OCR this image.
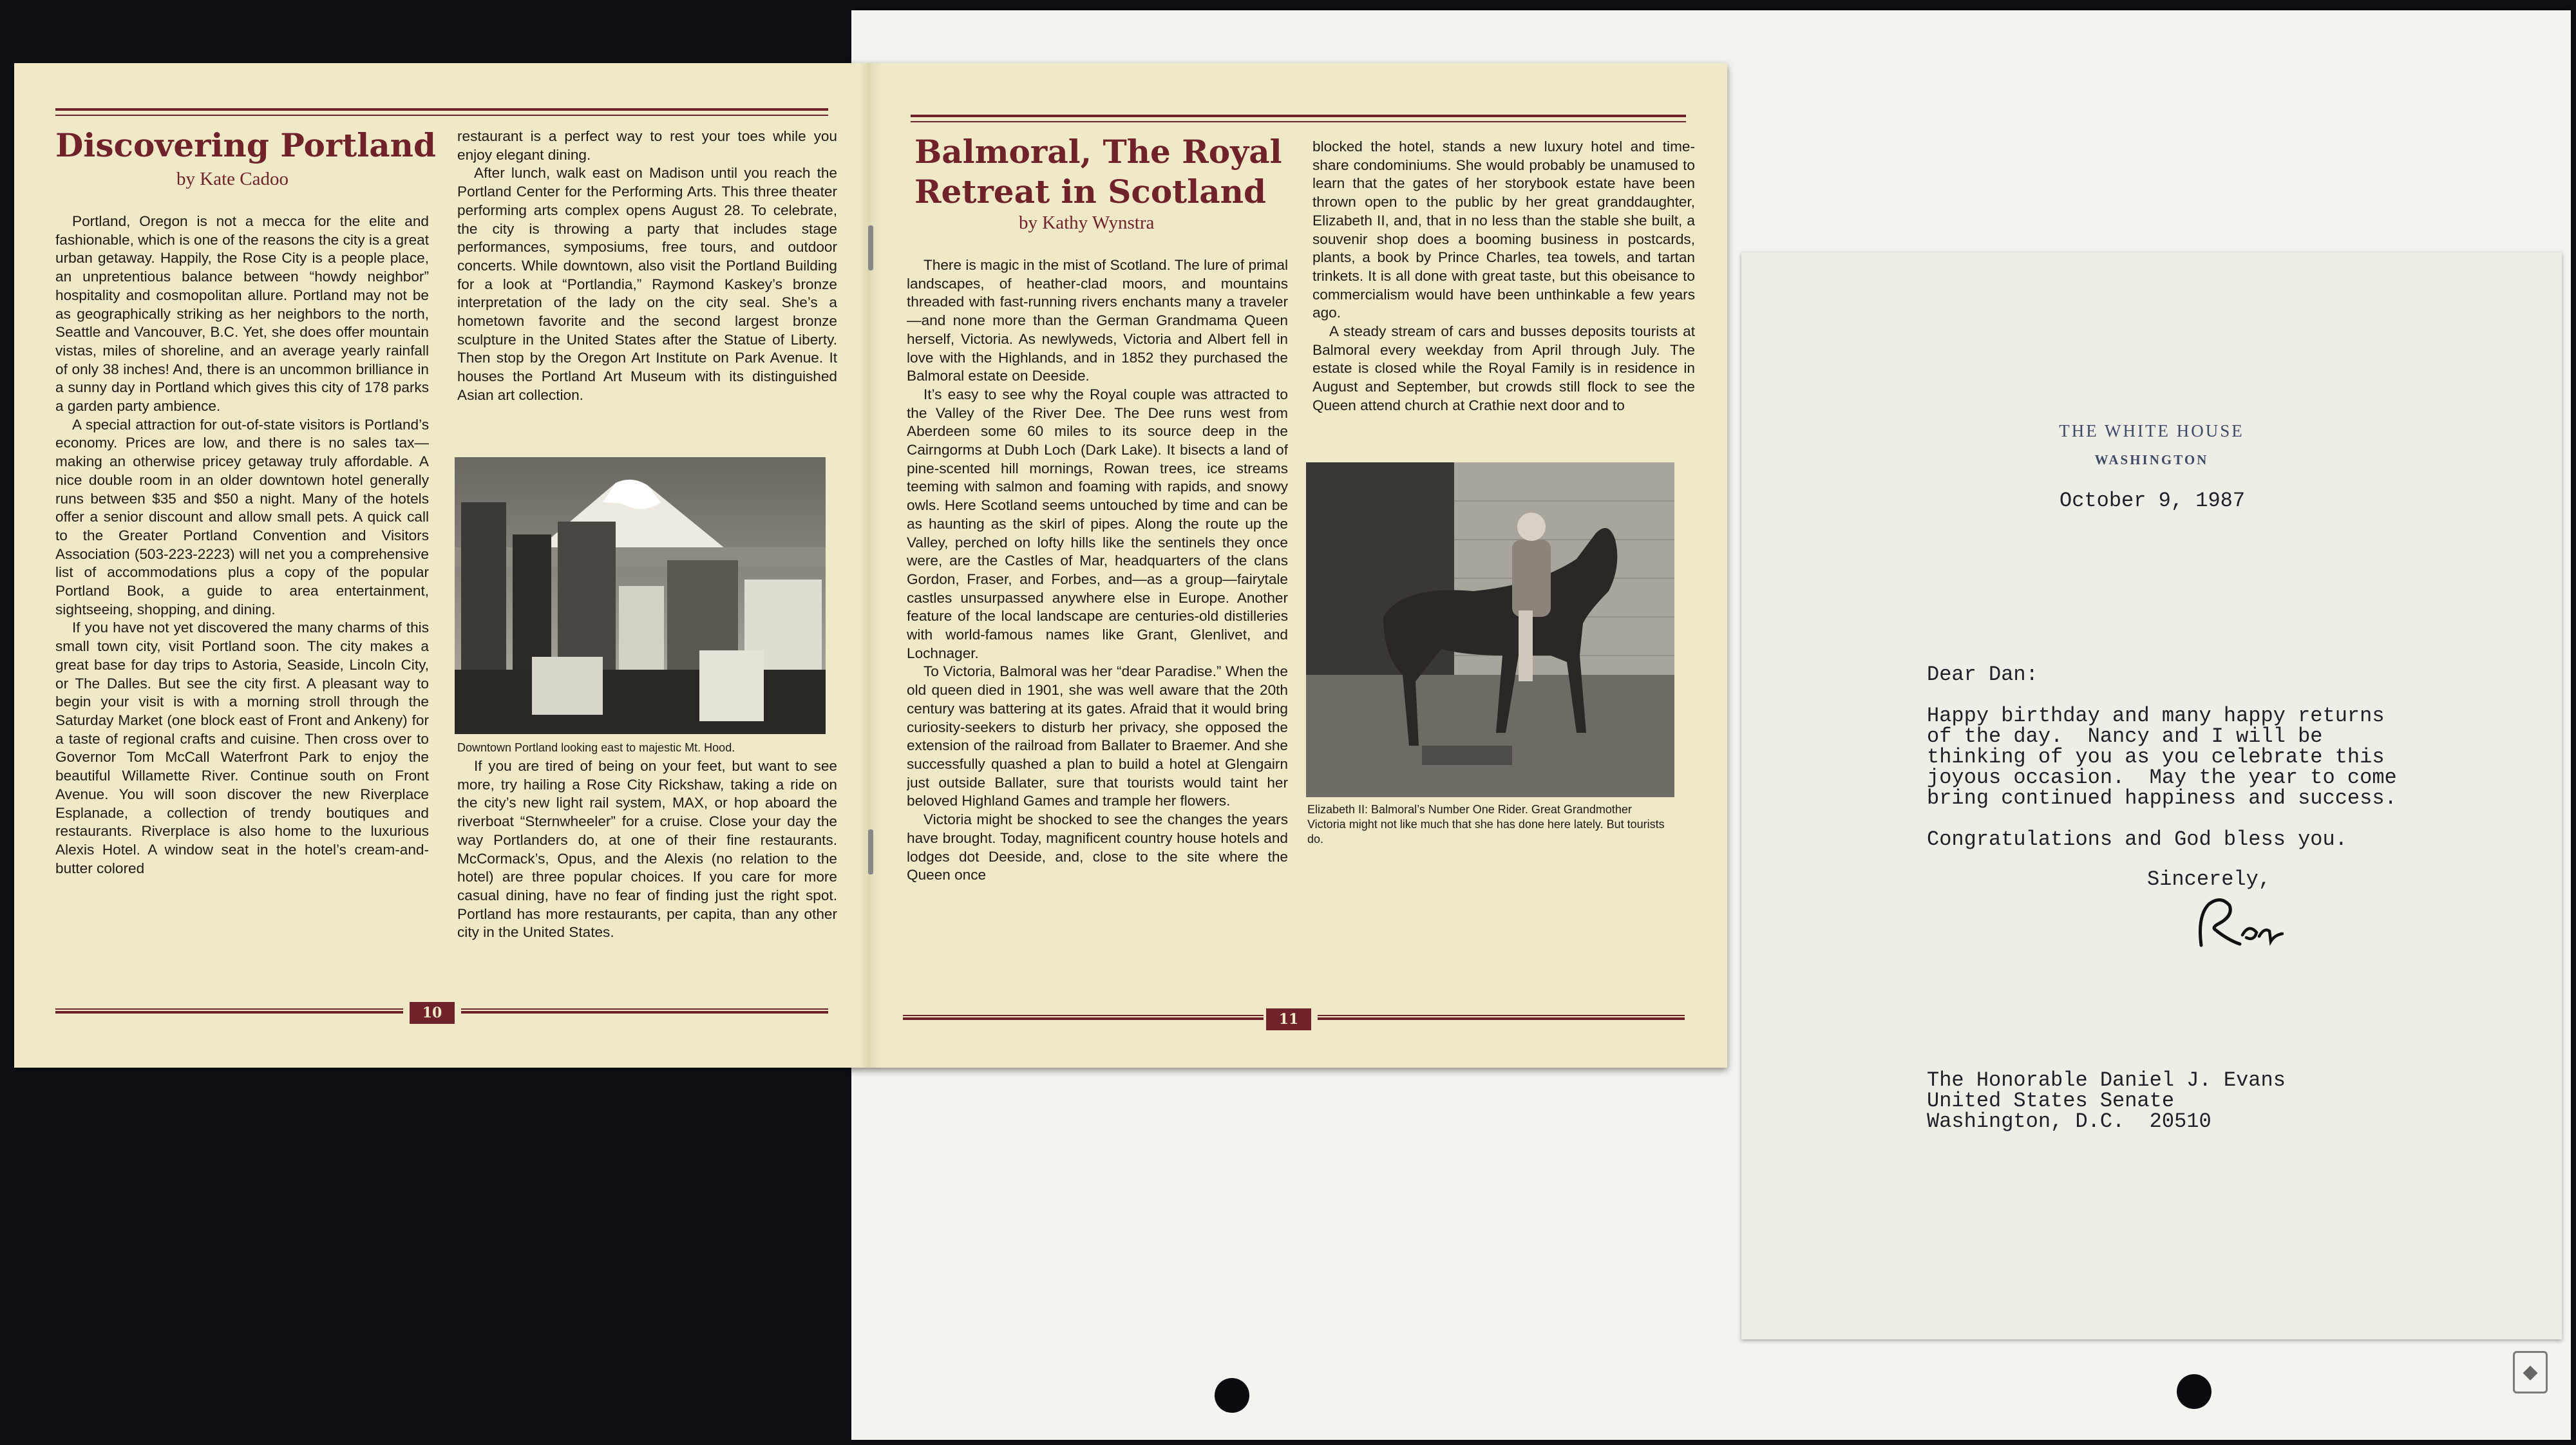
◆
Discovering Portland
by Kate Cadoo

Portland, Oregon is not a mecca for the elite and fashionable, which is one of the reasons the city is a great urban getaway. Happily, the Rose City is a people place, an unpretentious balance between “howdy neighbor” hospitality and cosmopolitan allure. Portland may not be as geographically striking as her neighbors to the north, Seattle and Vancouver, B.C. Yet, she does offer mountain vistas, miles of shoreline, and an average yearly rainfall of only 38 inches! And, there is an uncommon brilliance in a sunny day in Portland which gives this city of 178 parks a garden party ambience.

A special attraction for out-of-state visitors is Portland’s economy. Prices are low, and there is no sales tax—making an otherwise pricey getaway truly affordable. A nice double room in an older downtown hotel generally runs between $35 and $50 a night. Many of the hotels offer a senior discount and allow small pets. A quick call to the Greater Portland Convention and Visitors Association (503-223-2223) will net you a comprehensive list of accommodations plus a copy of the popular Portland Book, a guide to area entertainment, sightseeing, shopping, and dining.

If you have not yet discovered the many charms of this small town city, visit Portland soon. The city makes a great base for day trips to Astoria, Seaside, Lincoln City, or The Dalles. But see the city first. A pleasant way to begin your visit is with a morning stroll through the Saturday Market (one block east of Front and Ankeny) for a taste of regional crafts and cuisine. Then cross over to Governor Tom McCall Waterfront Park to enjoy the beautiful Willamette River. Continue south on Front Avenue. You will soon discover the new Riverplace Esplanade, a collection of trendy boutiques and restaurants. Riverplace is also home to the luxurious Alexis Hotel. A window seat in the hotel’s cream-and-butter colored

restaurant is a perfect way to rest your toes while you enjoy elegant dining.

After lunch, walk east on Madison until you reach the Portland Center for the Performing Arts. This three theater performing arts complex opens August 28. To celebrate, the city is throwing a party that includes stage performances, symposiums, free tours, and outdoor concerts. While downtown, also visit the Portland Building for a look at “Portlandia,” Raymond Kaskey’s bronze interpretation of the lady on the city seal. She’s a hometown favorite and the second largest bronze sculpture in the United States after the Statue of Liberty. Then stop by the Oregon Art Institute on Park Avenue. It houses the Portland Art Museum with its distinguished Asian art collection.

Downtown Portland looking east to majestic Mt. Hood.

If you are tired of being on your feet, but want to see more, try hailing a Rose City Rickshaw, taking a ride on the city’s new light rail system, MAX, or hop aboard the riverboat “Sternwheeler” for a cruise. Close your day the way Portlanders do, at one of their fine restaurants. McCormack’s, Opus, and the Alexis (no relation to the hotel) are three popular choices. If you care for more casual dining, have no fear of finding just the right spot. Portland has more restaurants, per capita, than any other city in the United States.

10
Balmoral, The Royal
Retreat in Scotland
by Kathy Wynstra

There is magic in the mist of Scotland. The lure of primal landscapes, of heather-clad moors, and mountains threaded with fast-running rivers enchants many a traveler—and none more than the German Grandmama Queen herself, Victoria. As newlyweds, Victoria and Albert fell in love with the Highlands, and in 1852 they purchased the Balmoral estate on Deeside.

It’s easy to see why the Royal couple was attracted to the Valley of the River Dee. The Dee runs west from Aberdeen some 60 miles to its source deep in the Cairngorms at Dubh Loch (Dark Lake). It bisects a land of pine-scented hill mornings, Rowan trees, ice streams teeming with salmon and foaming with rapids, and snowy owls. Here Scotland seems untouched by time and can be as haunting as the skirl of pipes. Along the route up the Valley, perched on lofty hills like the sentinels they once were, are the Castles of Mar, headquarters of the clans Gordon, Fraser, and Forbes, and—as a group—fairytale castles unsurpassed anywhere else in Europe. Another feature of the local landscape are centuries-old distilleries with world-famous names like Grant, Glenlivet, and Lochnager.

To Victoria, Balmoral was her “dear Paradise.” When the old queen died in 1901, she was well aware that the 20th century was battering at its gates. Afraid that it would bring curiosity-seekers to disturb her privacy, she opposed the extension of the railroad from Ballater to Braemer. And she successfully quashed a plan to build a hotel at Glengairn just outside Ballater, sure that tourists would taint her beloved Highland Games and trample her flowers.

Victoria might be shocked to see the changes the years have brought. Today, magnificent country house hotels and lodges dot Deeside, and, close to the site where the Queen once

blocked the hotel, stands a new luxury hotel and time-share condominiums. She would probably be unamused to learn that the gates of her storybook estate have been thrown open to the public by her great granddaughter, Elizabeth II, and, that in no less than the stable she built, a souvenir shop does a booming business in postcards, plants, a book by Prince Charles, tea towels, and tartan trinkets. It is all done with great taste, but this obeisance to commercialism would have been unthinkable a few years ago.

A steady stream of cars and busses deposits tourists at Balmoral every weekday from April through July. The estate is closed while the Royal Family is in residence in August and September, but crowds still flock to see the Queen attend church at Crathie next door and to

Elizabeth II: Balmoral’s Number One Rider. Great Grandmother Victoria might not like much that she has done here lately. But tourists do.
11
THE WHITE HOUSE
WASHINGTON
October 9, 1987
Dear Dan:
Happy birthday and many happy returns
of the day.  Nancy and I will be
thinking of you as you celebrate this
joyous occasion.  May the year to come
bring continued happiness and success.
Congratulations and God bless you.
Sincerely,
The Honorable Daniel J. Evans
United States Senate
Washington, D.C.  20510
